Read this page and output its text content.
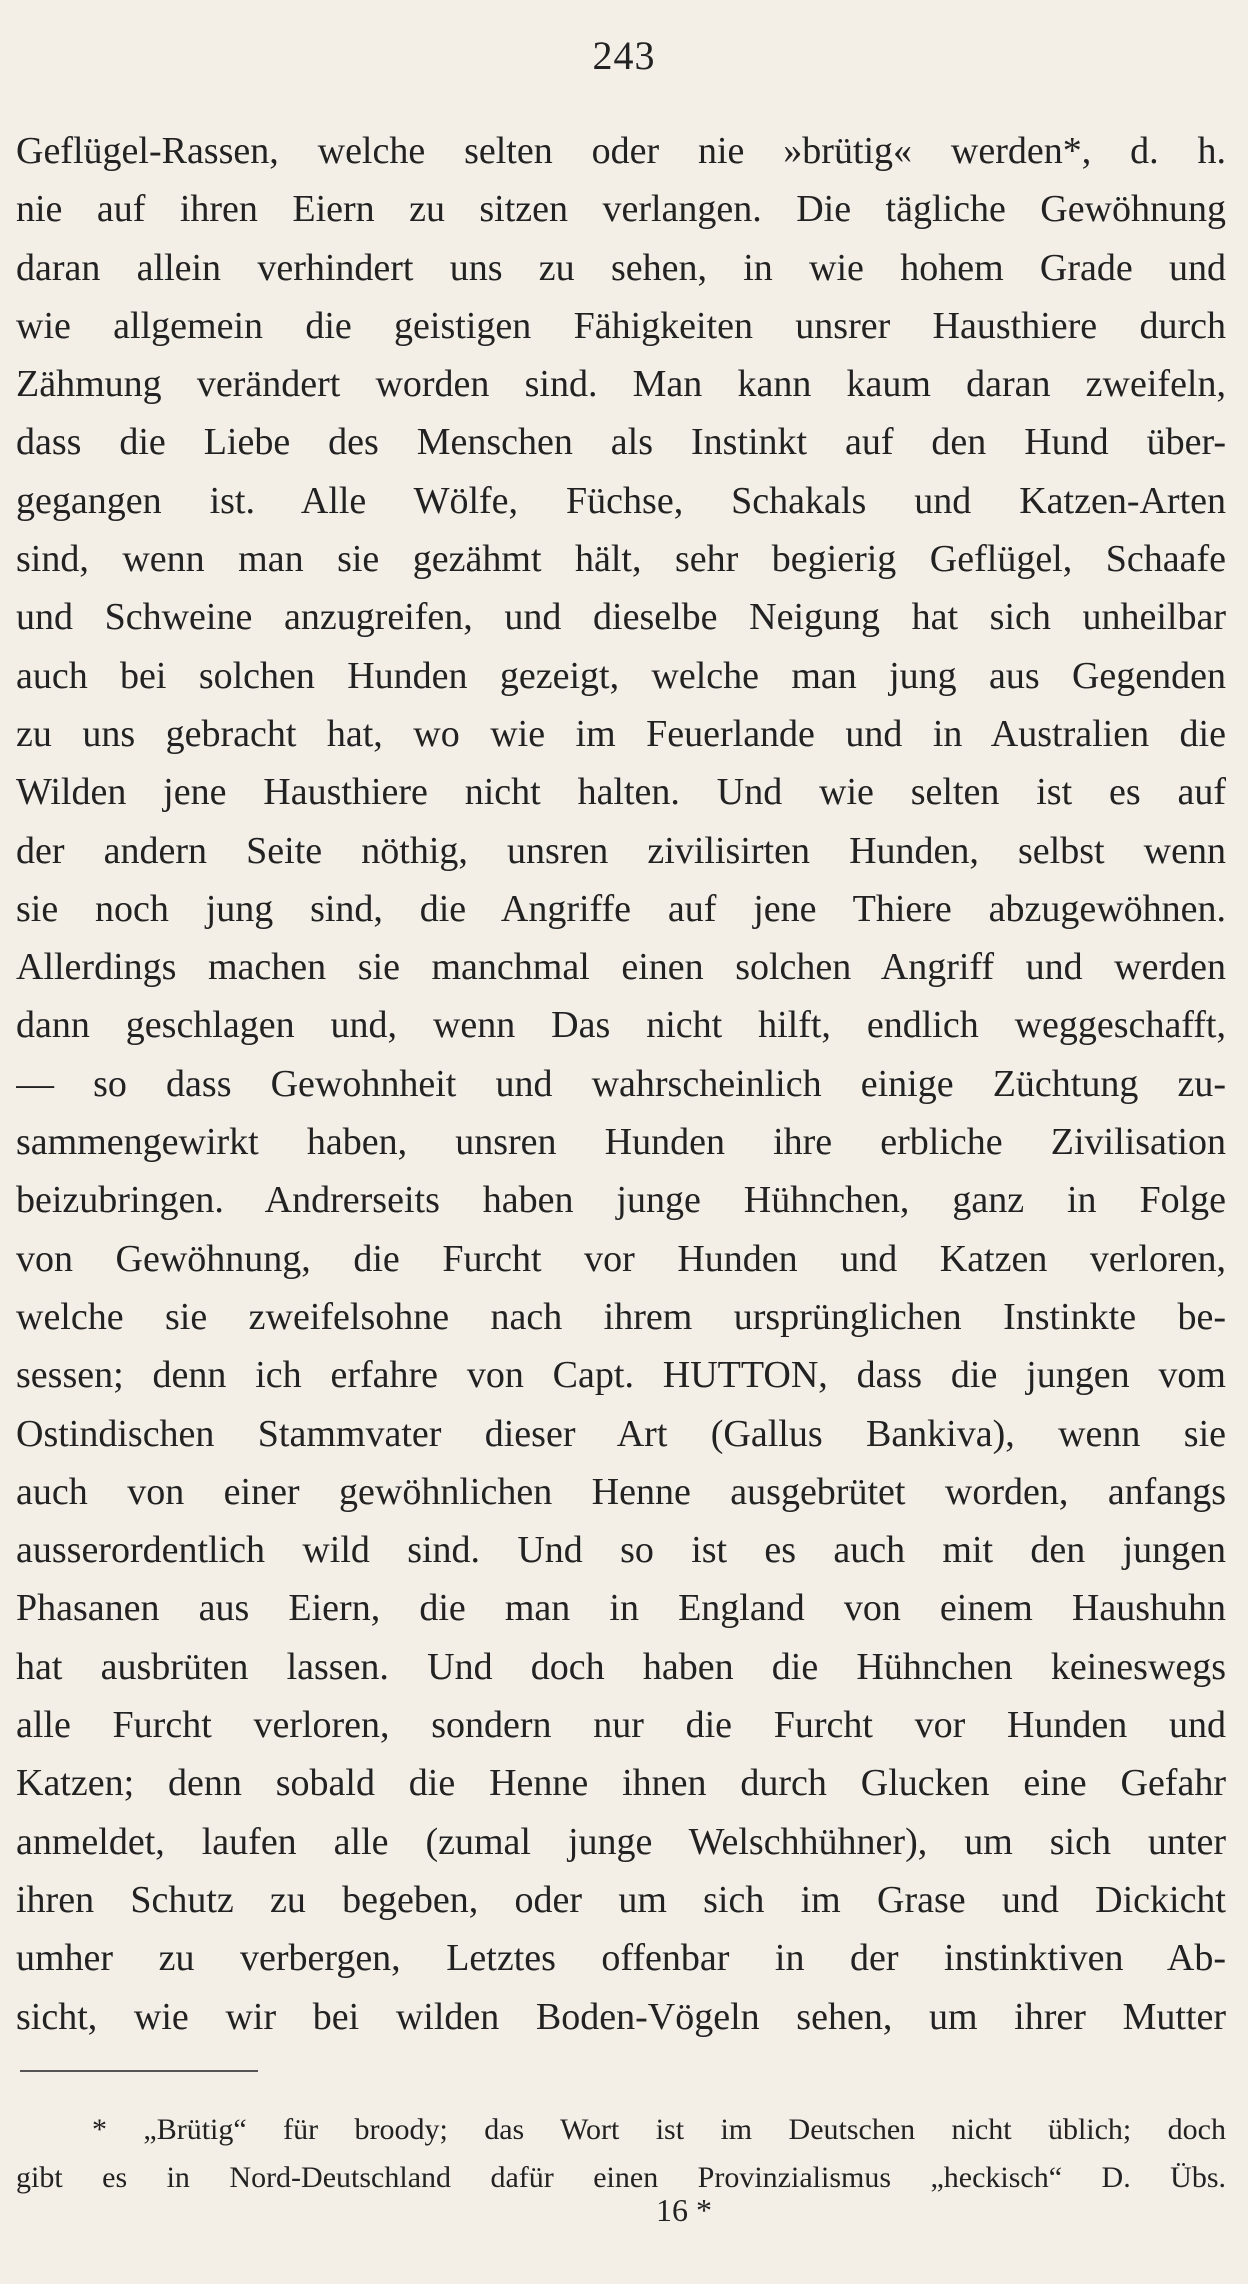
243
Geflügel-Rassen, welche selten oder nie »brütig« werden*, d. h.
nie auf ihren Eiern zu sitzen verlangen. Die tägliche Gewöhnung
daran allein verhindert uns zu sehen, in wie hohem Grade und
wie allgemein die geistigen Fähigkeiten unsrer Hausthiere durch
Zähmung verändert worden sind. Man kann kaum daran zweifeln,
dass die Liebe des Menschen als Instinkt auf den Hund über-
gegangen ist. Alle Wölfe, Füchse, Schakals und Katzen-Arten
sind, wenn man sie gezähmt hält, sehr begierig Geflügel, Schaafe
und Schweine anzugreifen, und dieselbe Neigung hat sich unheilbar
auch bei solchen Hunden gezeigt, welche man jung aus Gegenden
zu uns gebracht hat, wo wie im Feuerlande und in Australien die
Wilden jene Hausthiere nicht halten. Und wie selten ist es auf
der andern Seite nöthig, unsren zivilisirten Hunden, selbst wenn
sie noch jung sind, die Angriffe auf jene Thiere abzugewöhnen.
Allerdings machen sie manchmal einen solchen Angriff und werden
dann geschlagen und, wenn Das nicht hilft, endlich weggeschafft,
— so dass Gewohnheit und wahrscheinlich einige Züchtung zu-
sammengewirkt haben, unsren Hunden ihre erbliche Zivilisation
beizubringen. Andrerseits haben junge Hühnchen, ganz in Folge
von Gewöhnung, die Furcht vor Hunden und Katzen verloren,
welche sie zweifelsohne nach ihrem ursprünglichen Instinkte be-
sessen; denn ich erfahre von Capt. HUTTON, dass die jungen vom
Ostindischen Stammvater dieser Art (Gallus Bankiva), wenn sie
auch von einer gewöhnlichen Henne ausgebrütet worden, anfangs
ausserordentlich wild sind. Und so ist es auch mit den jungen
Phasanen aus Eiern, die man in England von einem Haushuhn
hat ausbrüten lassen. Und doch haben die Hühnchen keineswegs
alle Furcht verloren, sondern nur die Furcht vor Hunden und
Katzen; denn sobald die Henne ihnen durch Glucken eine Gefahr
anmeldet, laufen alle (zumal junge Welschhühner), um sich unter
ihren Schutz zu begeben, oder um sich im Grase und Dickicht
umher zu verbergen, Letztes offenbar in der instinktiven Ab-
sicht, wie wir bei wilden Boden-Vögeln sehen, um ihrer Mutter
* „Brütig“ für broody; das Wort ist im Deutschen nicht üblich; doch
gibt es in Nord-Deutschland dafür einen Provinzialismus „heckisch“ D. Übs.
16 *
